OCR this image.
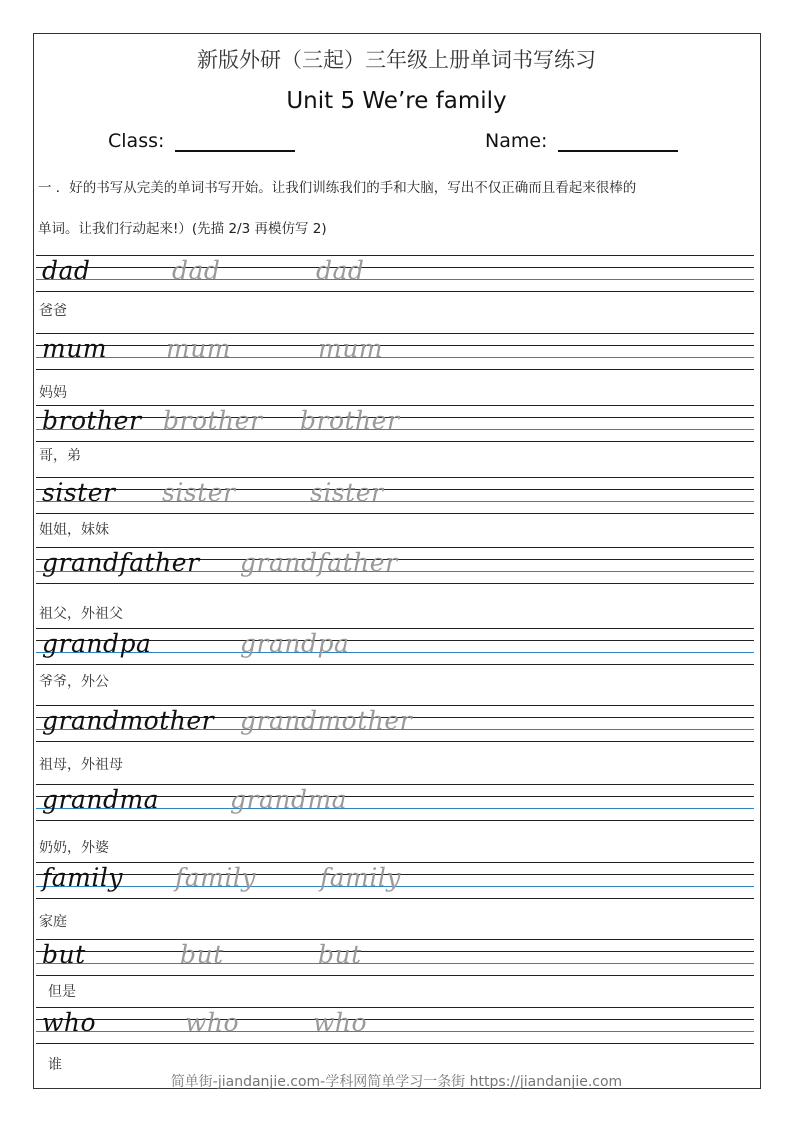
新版外研（三起）三年级上册单词书写练习
Unit 5 We’re family
Class:	Name:
一 ．好的书写从完美的单词书写开始。让我们训练我们的手和大脑，写出不仅正确而且看起来很棒的
单词。让我们行动起来!）(先描 2/3 再模仿写 2)
dad	dad	dad
爸爸
mum mum	mum
妈妈
brother brother brother
哥，弟
sister sister	sister
姐姐，妹妹
grandfather grandfather
祖父，外祖父
grandpa	grandpa
爷爷，外公
grandmother grandmother
祖母，外祖母
grandma	grandma
奶奶，外婆
family family	family
家庭
but	but	but
但是
who	who	who
谁
简单街-jiandanjie.com-学科网简单学习一条街 https://jiandanjie.com
